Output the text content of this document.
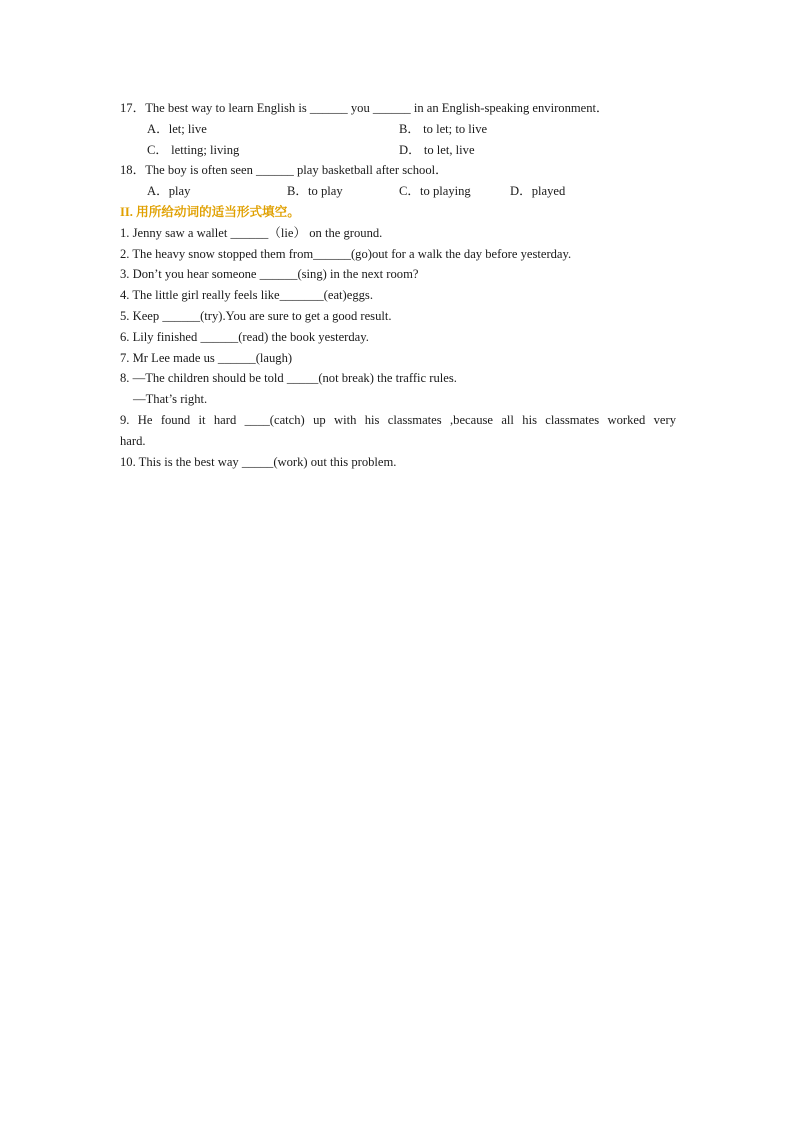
17．The best way to learn English is ______ you ______ in an English-speaking environment．
A．let; live	B． to let; to live
C． letting; living	D． to let, live
18．The boy is often seen ______ play basketball after school．
A．play	B．to play	C．to playing	D．played
II. 用所给动词的适当形式填空。
1. Jenny saw a wallet ______（lie） on the ground.
2. The heavy snow stopped them from______(go)out for a walk the day before yesterday.
3. Don’t you hear someone ______(sing) in the next room?
4. The little girl really feels like_______(eat)eggs.
5. Keep ______(try).You are sure to get a good result.
6. Lily finished ______(read) the book yesterday.
7. Mr Lee made us ______(laugh)
8. —The children should be told _____(not break) the traffic rules.
—That’s right.
9. He found it hard ____(catch) up with his classmates ,because all his classmates worked very
hard.
10. This is the best way _____(work) out this problem.
